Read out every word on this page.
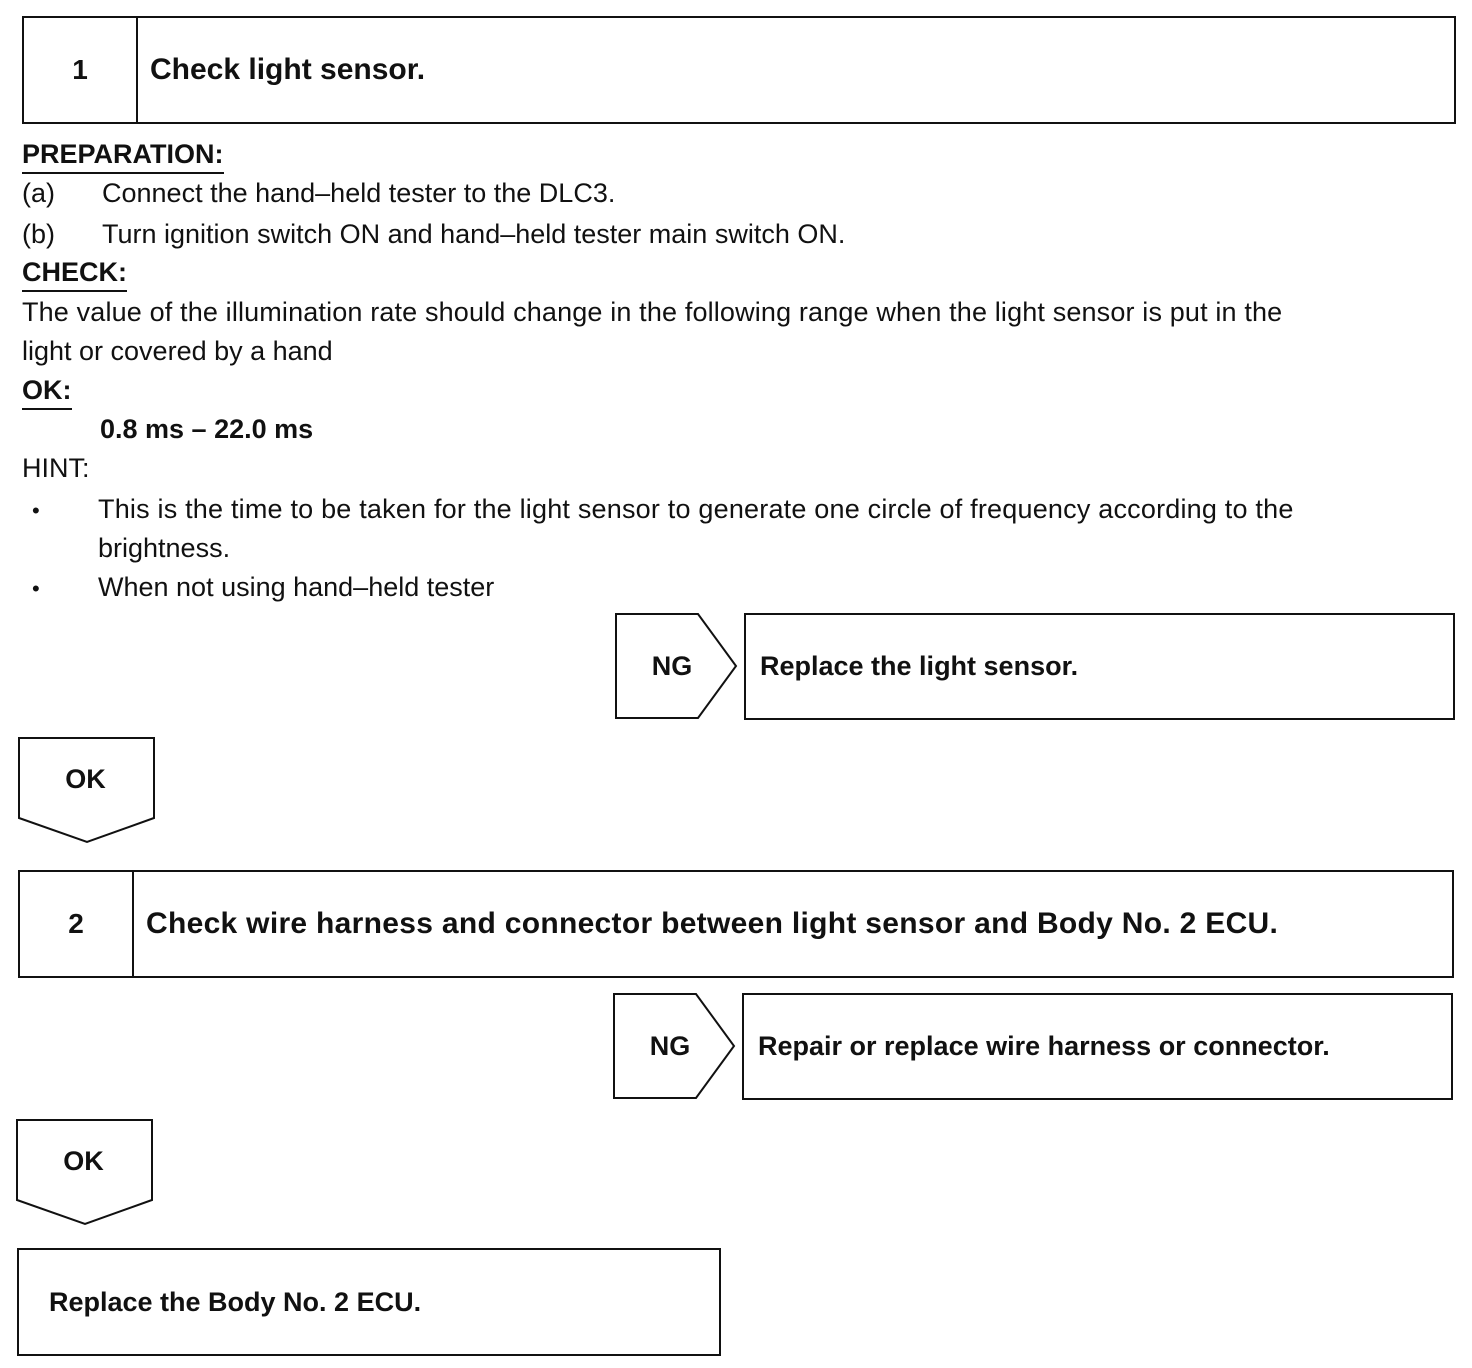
1	Check light sensor.
PREPARATION:
(a) Connect the hand–held tester to the DLC3.
(b) Turn ignition switch ON and hand–held tester main switch ON.
CHECK:
The value of the illumination rate should change in the following range when the light sensor is put in the
light or covered by a hand
OK:
0.8 ms – 22.0 ms
HINT:
• This is the time to be taken for the light sensor to generate one circle of frequency according to the
brightness.
• When not using hand–held tester
NG	Replace the light sensor.
OK
2	Check wire harness and connector between light sensor and Body No. 2 ECU.
NG	Repair or replace wire harness or connector.
OK
Replace the Body No. 2 ECU.
